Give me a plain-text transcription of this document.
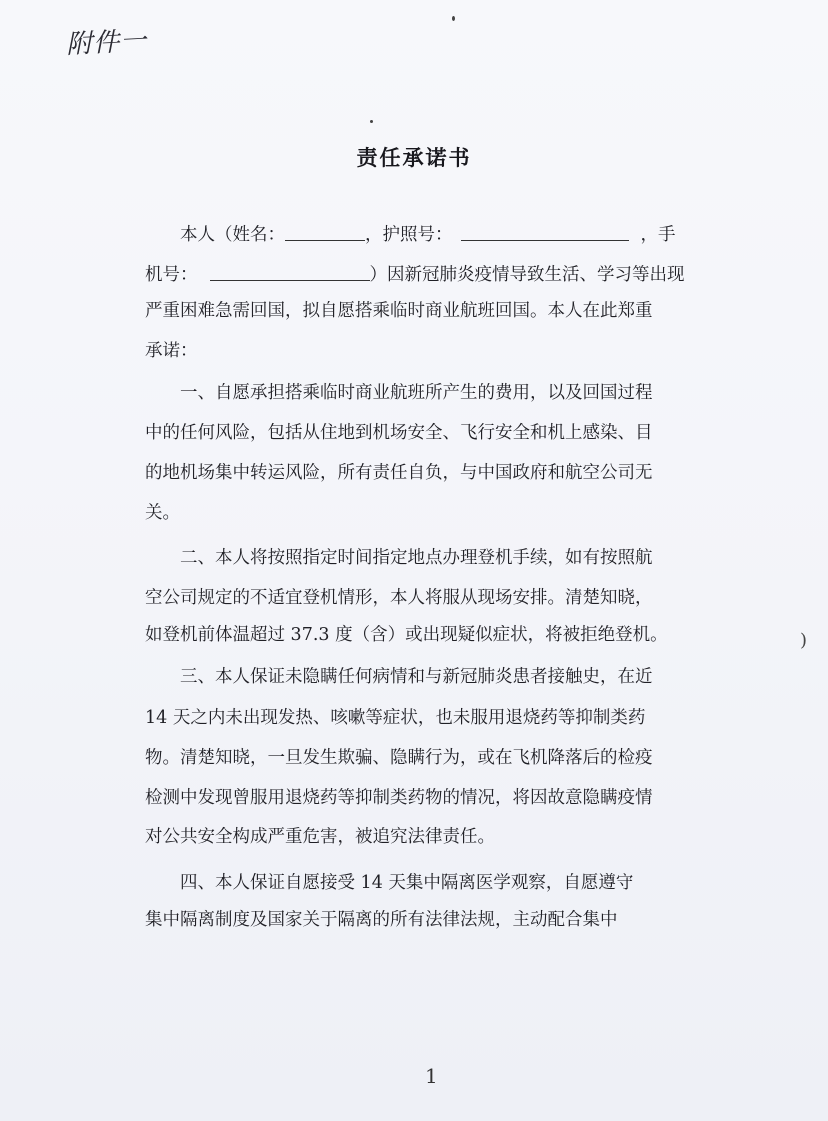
附件一
责任承诺书
本人（姓名：	，护照号：	，手
机号：	）因新冠肺炎疫情导致生活、学习等出现
严重困难急需回国，拟自愿搭乘临时商业航班回国。本人在此郑重
承诺：
一、自愿承担搭乘临时商业航班所产生的费用，以及回国过程
中的任何风险，包括从住地到机场安全、飞行安全和机上感染、目
的地机场集中转运风险，所有责任自负，与中国政府和航空公司无
关。
二、本人将按照指定时间指定地点办理登机手续，如有按照航
空公司规定的不适宜登机情形，本人将服从现场安排。清楚知晓，
如登机前体温超过 37.3 度（含）或出现疑似症状，将被拒绝登机。
三、本人保证未隐瞒任何病情和与新冠肺炎患者接触史，在近
14 天之内未出现发热、咳嗽等症状，也未服用退烧药等抑制类药
物。清楚知晓，一旦发生欺骗、隐瞒行为，或在飞机降落后的检疫
检测中发现曾服用退烧药等抑制类药物的情况，将因故意隐瞒疫情
对公共安全构成严重危害，被追究法律责任。
四、本人保证自愿接受 14 天集中隔离医学观察，自愿遵守
集中隔离制度及国家关于隔离的所有法律法规，主动配合集中
)
1
